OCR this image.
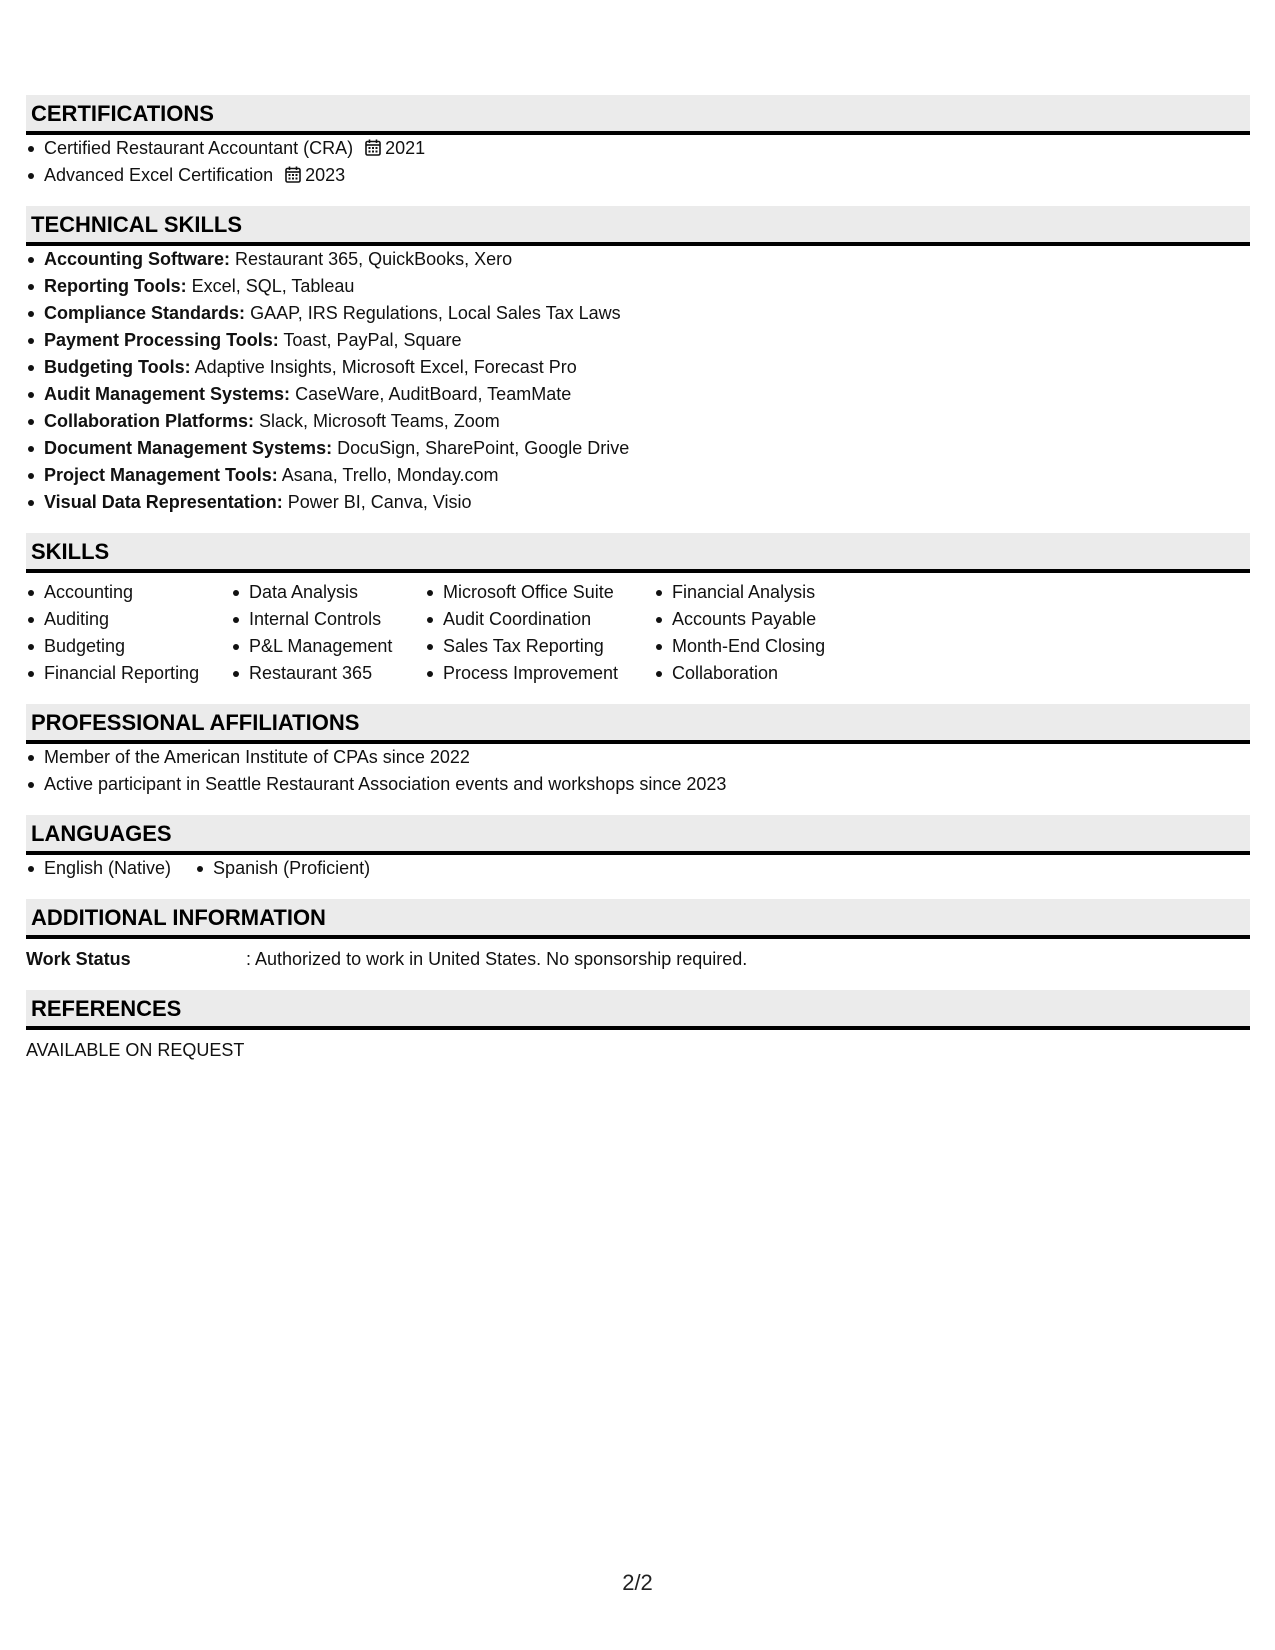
CERTIFICATIONS
Certified Restaurant Accountant (CRA) 2021
Advanced Excel Certification 2023
TECHNICAL SKILLS
Accounting Software: Restaurant 365, QuickBooks, Xero
Reporting Tools: Excel, SQL, Tableau
Compliance Standards: GAAP, IRS Regulations, Local Sales Tax Laws
Payment Processing Tools: Toast, PayPal, Square
Budgeting Tools: Adaptive Insights, Microsoft Excel, Forecast Pro
Audit Management Systems: CaseWare, AuditBoard, TeamMate
Collaboration Platforms: Slack, Microsoft Teams, Zoom
Document Management Systems: DocuSign, SharePoint, Google Drive
Project Management Tools: Asana, Trello, Monday.com
Visual Data Representation: Power BI, Canva, Visio
SKILLS
Accounting
Auditing
Budgeting
Financial Reporting
Data Analysis
Internal Controls
P&L Management
Restaurant 365
Microsoft Office Suite
Audit Coordination
Sales Tax Reporting
Process Improvement
Financial Analysis
Accounts Payable
Month-End Closing
Collaboration
PROFESSIONAL AFFILIATIONS
Member of the American Institute of CPAs since 2022
Active participant in Seattle Restaurant Association events and workshops since 2023
LANGUAGES
English (Native)	Spanish (Proficient)
ADDITIONAL INFORMATION
Work Status	: Authorized to work in United States. No sponsorship required.
REFERENCES
AVAILABLE ON REQUEST
2/2
